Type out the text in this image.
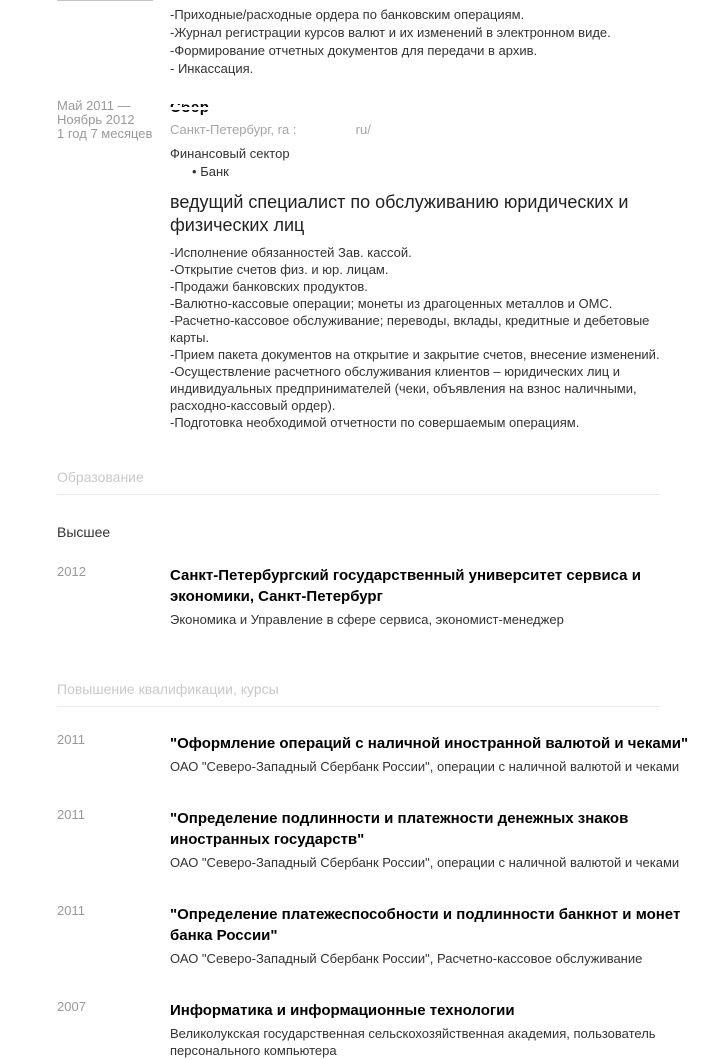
-Приходные/расходные ордера по банковским операциям.
-Журнал регистрации курсов валют и их изменений в электронном виде.
-Формирование отчетных документов для передачи в архив.
- Инкассация.
Май 2011 —
Ноябрь 2012
1 год 7 месяцев	Санкт-Петербург, ra :	ru/
Финансовый сектор
• Банк
ведущий специалист по обслуживанию юридических и физических лиц
-Исполнение обязанностей Зав. кассой.
-Открытие счетов физ. и юр. лицам.
-Продажи банковских продуктов.
-Валютно-кассовые операции; монеты из драгоценных металлов и ОМС.
-Расчетно-кассовое обслуживание; переводы, вклады, кредитные и дебетовые карты.
-Прием пакета документов на открытие и закрытие счетов, внесение изменений.
-Осуществление расчетного обслуживания клиентов – юридических лиц и индивидуальных предпринимателей (чеки, объявления на взнос наличными, расходно-кассовый ордер).
-Подготовка необходимой отчетности по совершаемым операциям.
Образование
Высшее
2012	Санкт-Петербургский государственный университет сервиса и экономики, Санкт-Петербург
Экономика и Управление в сфере сервиса, экономист-менеджер
Повышение квалификации, курсы
2011	"Оформление операций с наличной иностранной валютой и чеками"
ОАО "Северо-Западный Сбербанк России", операции с наличной валютой и чеками
2011	"Определение подлинности и платежности денежных знаков иностранных государств"
ОАО "Северо-Западный Сбербанк России", операции с наличной валютой и чеками
2011	"Определение платежеспособности и подлинности банкнот и монет банка России"
ОАО "Северо-Западный Сбербанк России", Расчетно-кассовое обслуживание
2007	Информатика и информационные технологии
Великолукская государственная сельскохозяйственная академия, пользователь персонального компьютера
